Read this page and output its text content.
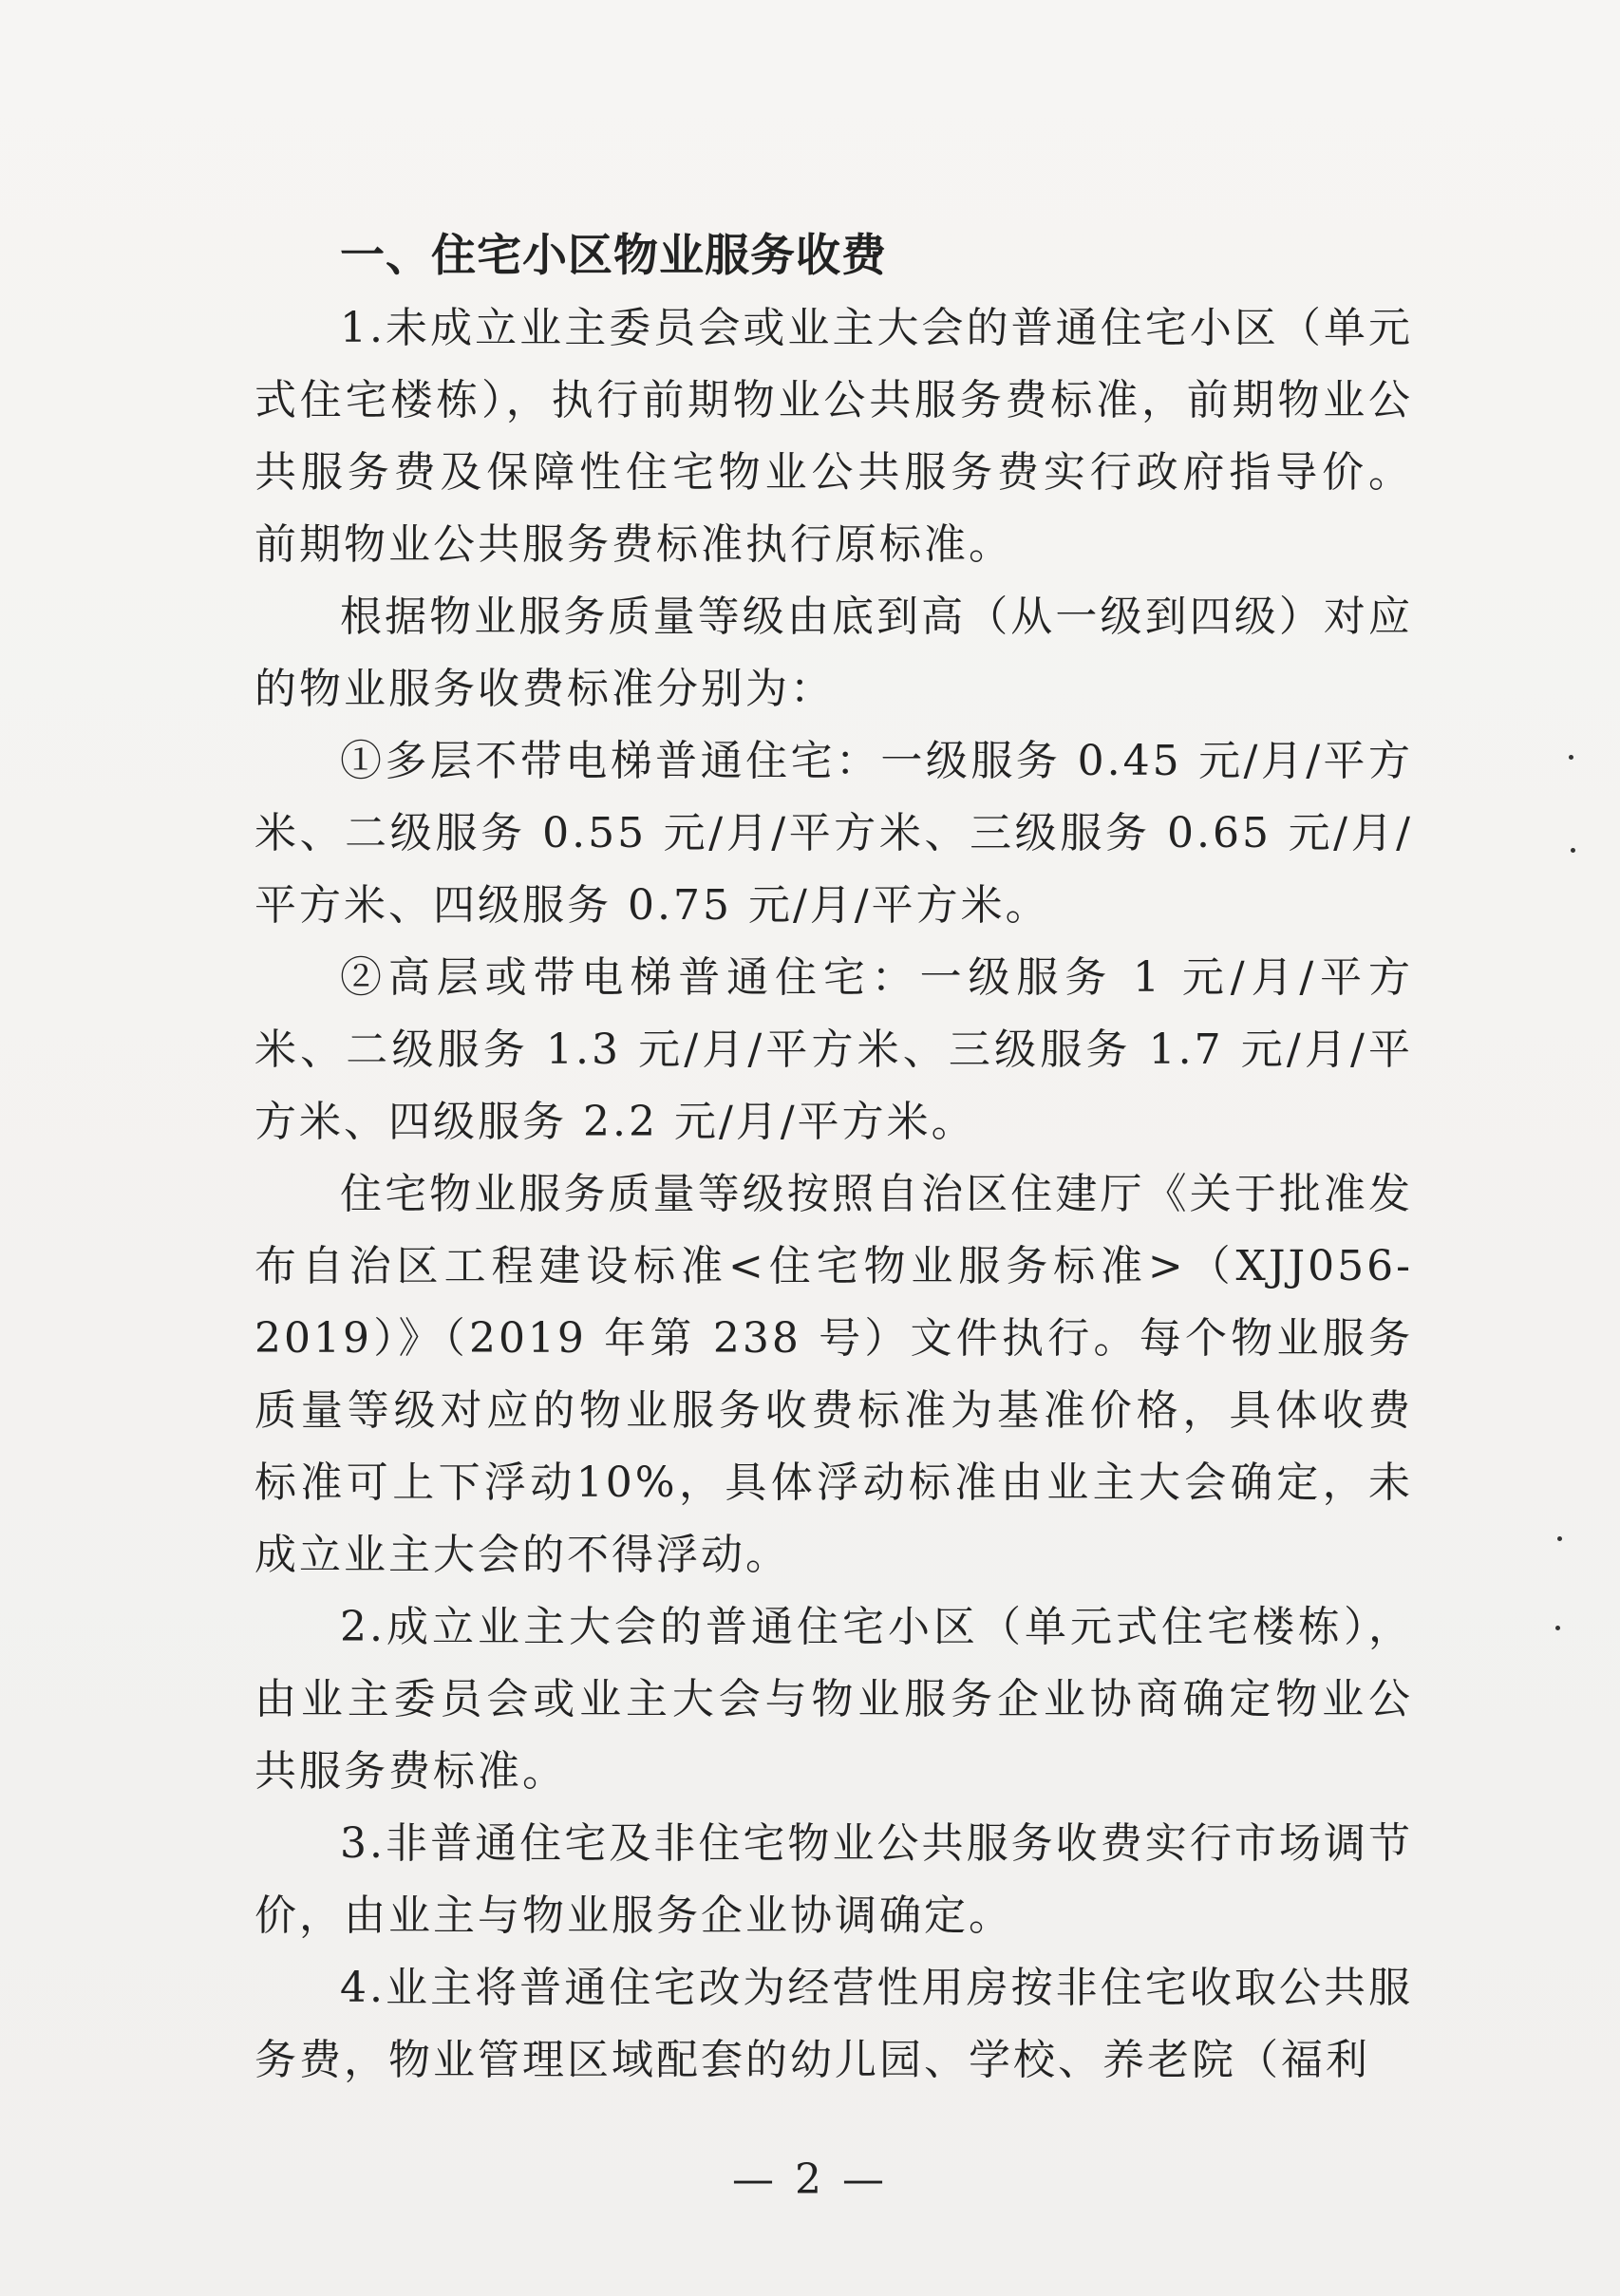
一、住宅小区物业服务收费

1.未成立业主委员会或业主大会的普通住宅小区（单元式住宅楼栋），执行前期物业公共服务费标准，前期物业公共服务费及保障性住宅物业公共服务费实行政府指导价。前期物业公共服务费标准执行原标准。

根据物业服务质量等级由底到高（从一级到四级）对应的物业服务收费标准分别为：

①多层不带电梯普通住宅：一级服务 0.45 元/月/平方米、二级服务 0.55 元/月/平方米、三级服务 0.65 元/月/平方米、四级服务 0.75 元/月/平方米。

②高层或带电梯普通住宅：一级服务 1 元/月/平方米、二级服务 1.3 元/月/平方米、三级服务 1.7 元/月/平方米、四级服务 2.2 元/月/平方米。

住宅物业服务质量等级按照自治区住建厅《关于批准发布自治区工程建设标准<住宅物业服务标准>（XJJ056-2019）》（2019 年第 238 号）文件执行。每个物业服务质量等级对应的物业服务收费标准为基准价格，具体收费标准可上下浮动10%，具体浮动标准由业主大会确定，未成立业主大会的不得浮动。

2.成立业主大会的普通住宅小区（单元式住宅楼栋），由业主委员会或业主大会与物业服务企业协商确定物业公共服务费标准。

3.非普通住宅及非住宅物业公共服务收费实行市场调节价，由业主与物业服务企业协调确定。

4.业主将普通住宅改为经营性用房按非住宅收取公共服务费，物业管理区域配套的幼儿园、学校、养老院（福利

— 2 —
